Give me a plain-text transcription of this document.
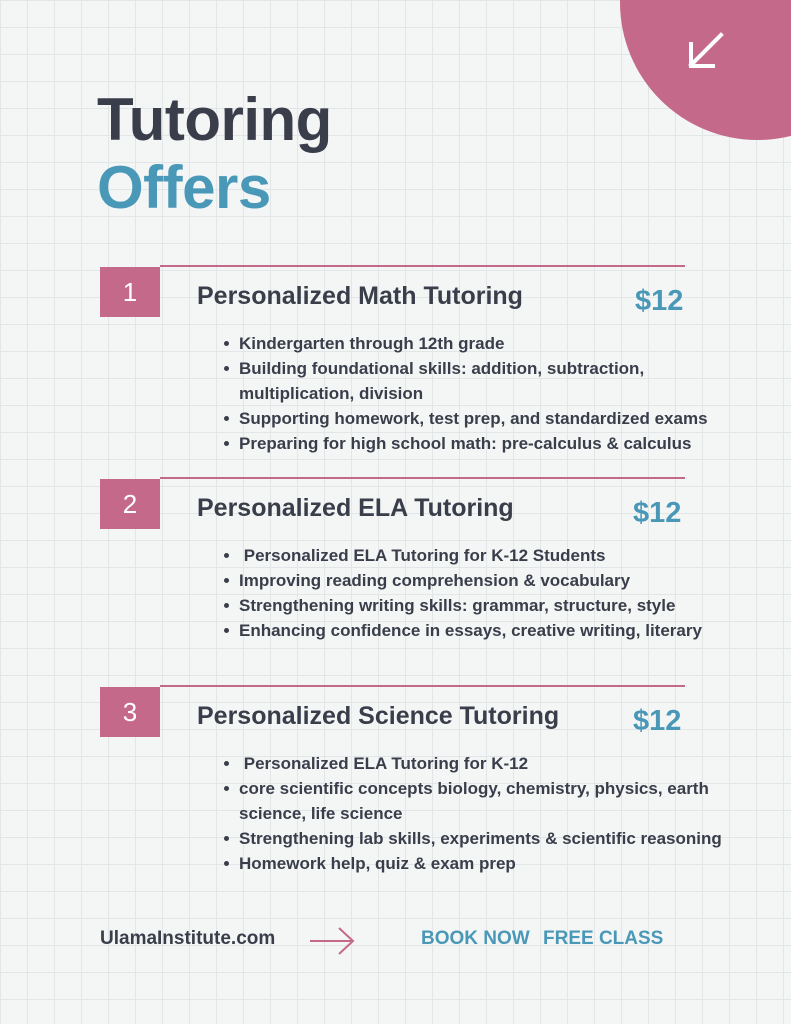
Tutoring
Offers
1	Personalized Math Tutoring	$12
Kindergarten through 12th grade
Building foundational skills: addition, subtraction, multiplication, division
Supporting homework, test prep, and standardized exams
Preparing for high school math: pre-calculus & calculus
2	Personalized ELA Tutoring	$12
Personalized ELA Tutoring for K-12 Students
Improving reading comprehension & vocabulary
Strengthening writing skills: grammar, structure, style
Enhancing confidence in essays, creative writing, literary
3	Personalized Science Tutoring	$12
Personalized ELA Tutoring for K-12
core scientific concepts biology, chemistry, physics, earth science, life science
Strengthening lab skills, experiments & scientific reasoning
Homework help, quiz & exam prep
UlamaInstitute.com	BOOK NOW FREE CLASS
